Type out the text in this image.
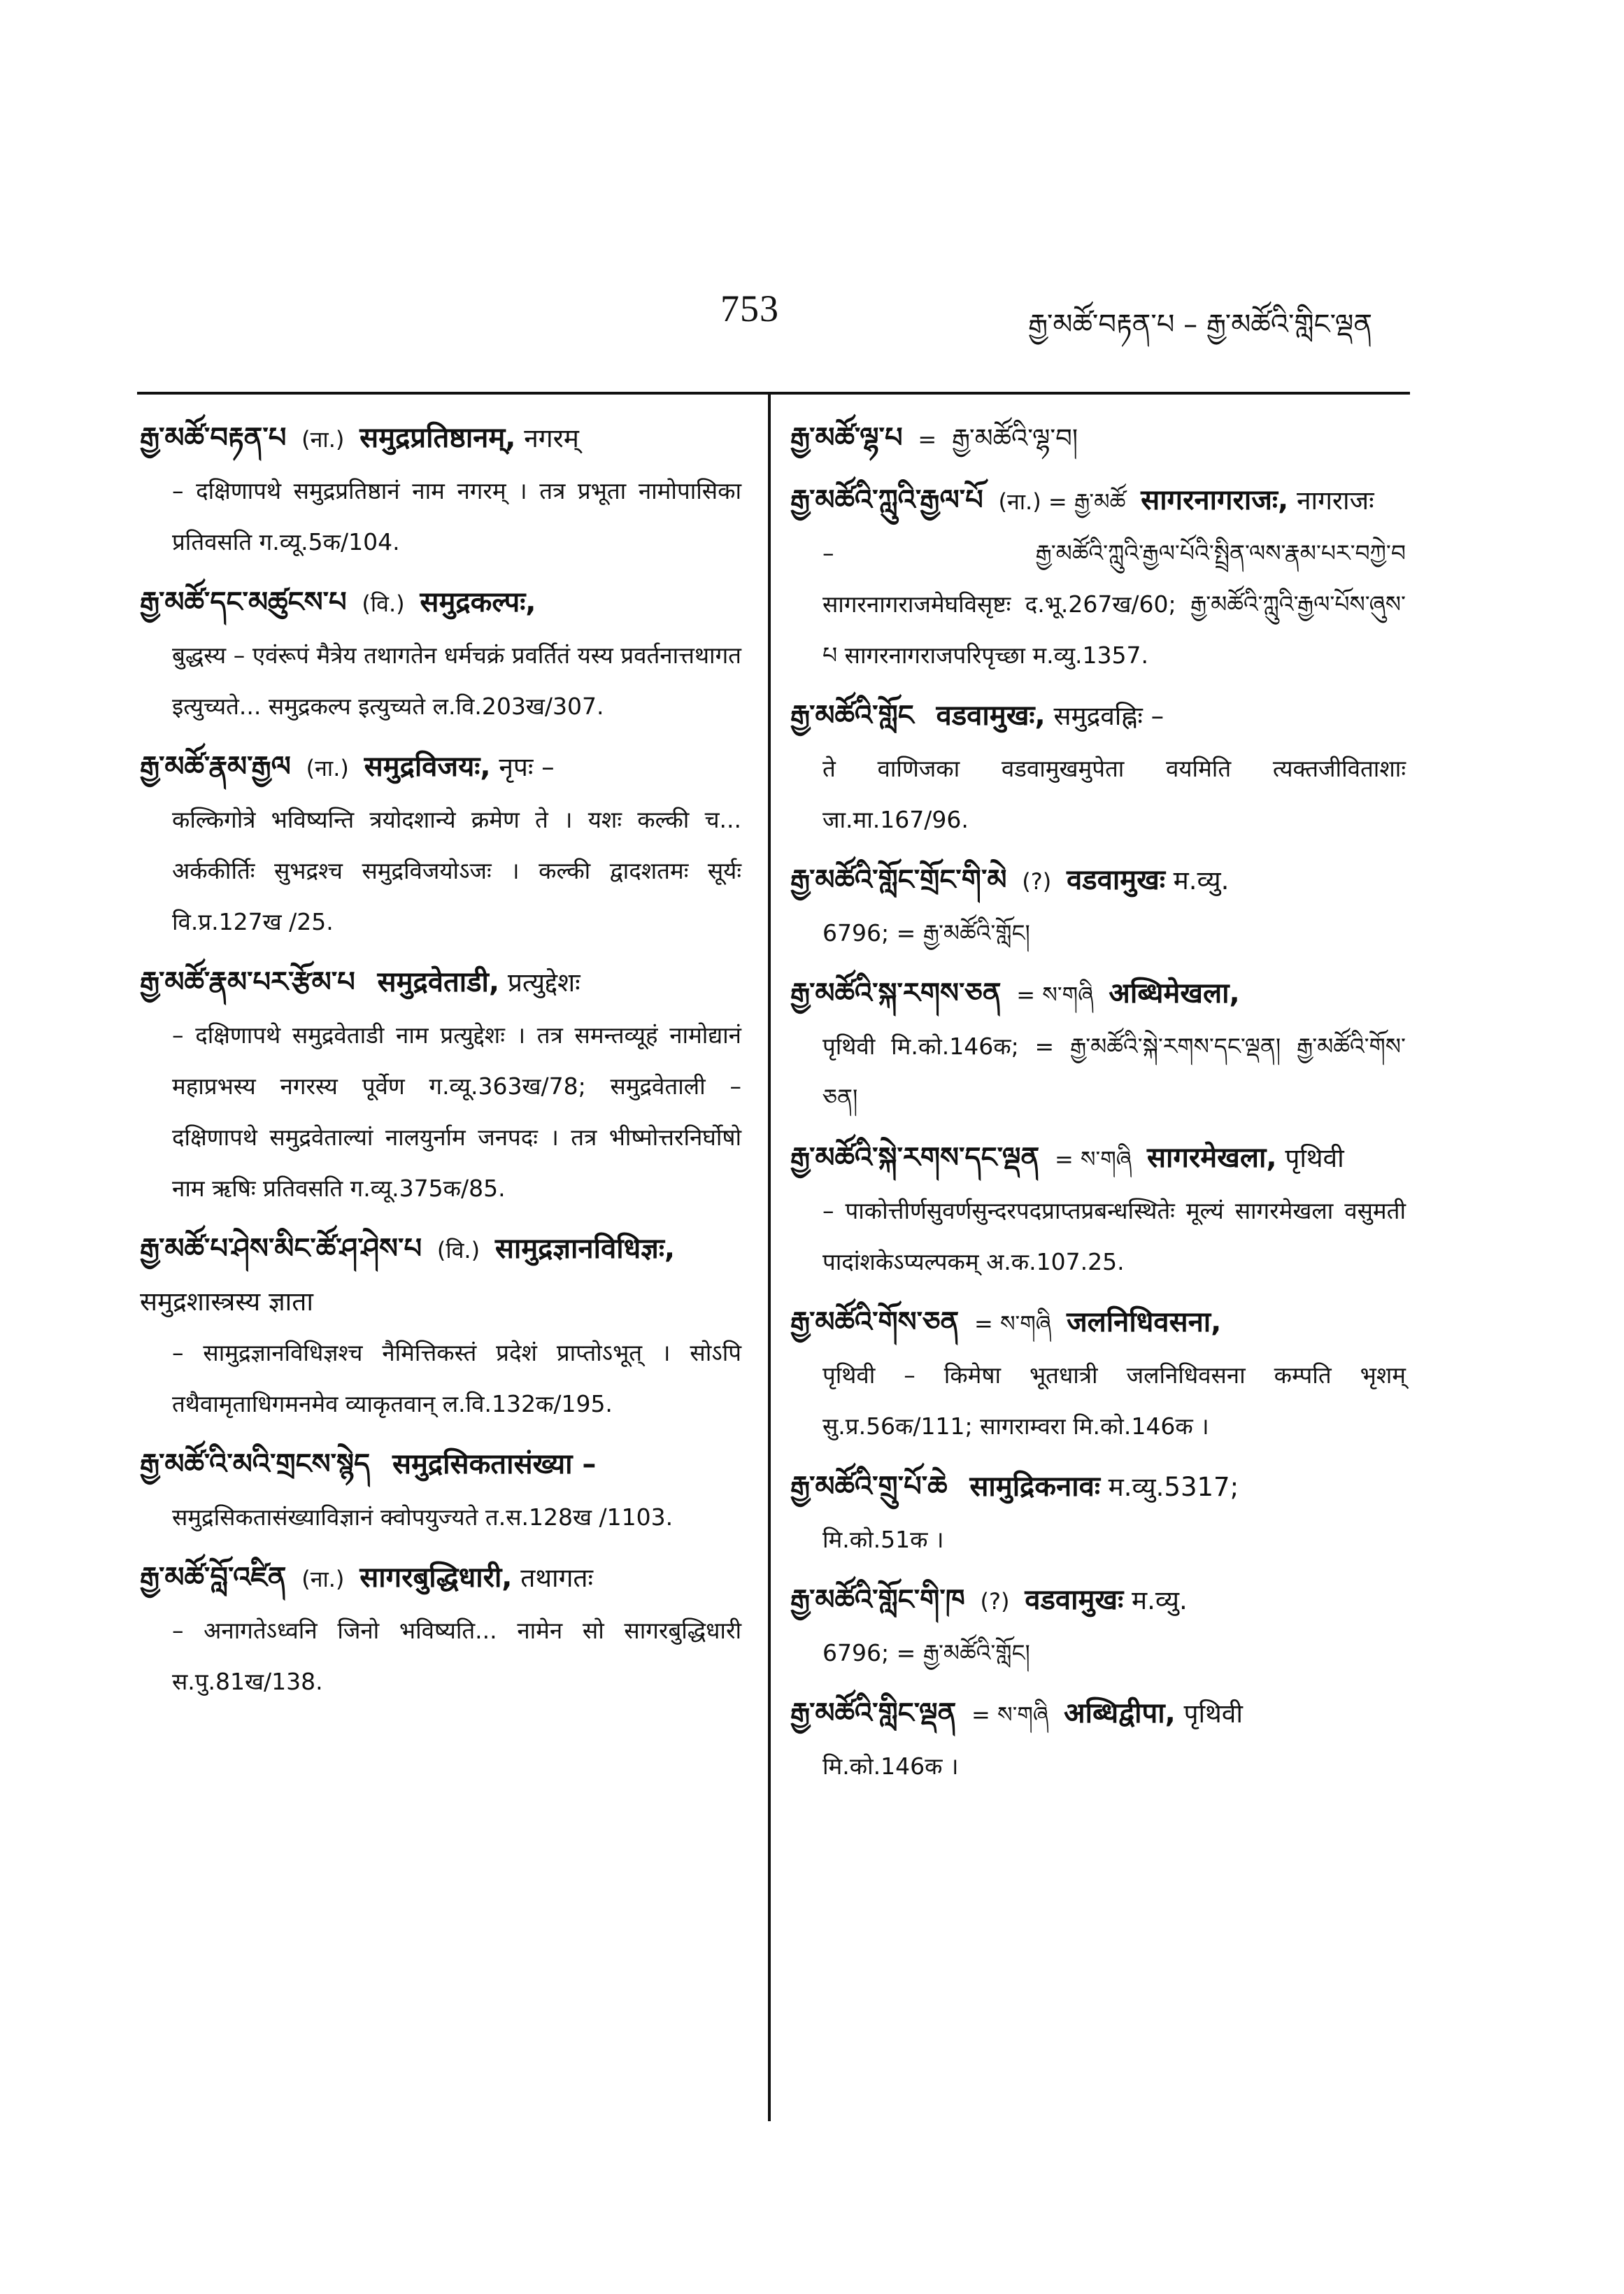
753	རྒྱ་མཚོ་བརྟན་པ – རྒྱ་མཚོའི་གླིང་ལྡན
རྒྱ་མཚོ་བརྟན་པ (ना.) समुद्रप्रतिष्ठानम्, नगरम्
– दक्षिणापथे समुद्रप्रतिष्ठानं नाम नगरम् । तत्र प्रभूता नामोपासिका प्रतिवसति ग.व्यू.5क/104.
རྒྱ་མཚོ་དང་མཚུངས་པ (वि.) समुद्रकल्पः,
बुद्धस्य – एवंरूपं मैत्रेय तथागतेन धर्मचक्रं प्रवर्तितं यस्य प्रवर्तनात्तथागत इत्युच्यते... समुद्रकल्प इत्युच्यते ल.वि.203ख/307.
རྒྱ་མཚོ་རྣམ་རྒྱལ (ना.) समुद्रविजयः, नृपः –
कल्किगोत्रे भविष्यन्ति त्रयोदशान्ये क्रमेण ते । यशः कल्की च... अर्ककीर्तिः सुभद्रश्च समुद्रविजयोऽजः । कल्की द्वादशतमः सूर्यः वि.प्र.127ख /25.
རྒྱ་མཚོ་རྣམ་པར་རྩོམ་པ समुद्रवेताडी, प्रत्युद्देशः
– दक्षिणापथे समुद्रवेताडी नाम प्रत्युद्देशः । तत्र समन्तव्यूहं नामोद्यानं महाप्रभस्य नगरस्य पूर्वेण ग.व्यू.363ख/78; समुद्रवेताली – दक्षिणापथे समुद्रवेताल्यां नालयुर्नाम जनपदः । तत्र भीष्मोत्तरनिर्घोषो नाम ऋषिः प्रतिवसति ग.व्यू.375क/85.
རྒྱ་མཚོ་པ་ཤེས་མིང་ཚོ་ཤ་ཤེས་པ (वि.) सामुद्रज्ञानविधिज्ञः, समुद्रशास्त्रस्य ज्ञाता
– सामुद्रज्ञानविधिज्ञश्च नैमित्तिकस्तं प्रदेशं प्राप्तोऽभूत् । सोऽपि तथैवामृताधिगमनमेव व्याकृतवान् ल.वि.132क/195.
རྒྱ་མཚོ་འི་མའི་གྲངས་སྙེད समुद्रसिकतासंख्या –
समुद्रसिकतासंख्याविज्ञानं क्वोपयुज्यते त.स.128ख /1103.
རྒྱ་མཚོ་བློ་འཛིན (ना.) सागरबुद्धिधारी, तथागतः
– अनागतेऽध्वनि जिनो भविष्यति... नामेन सो सागरबुद्धिधारी स.पु.81ख/138.
རྒྱ་མཚོ་ལྷ་པ = རྒྱ་མཚོའི་ལྷ་བ།
རྒྱ་མཚོའི་ཀླུའི་རྒྱལ་པོ (ना.) = རྒྱ་མཚོ सागरनागराजः, नागराजः
– རྒྱ་མཚོའི་ཀླུའི་རྒྱལ་པོའི་སྤྲིན་ལས་རྣམ་པར་བཀྱེ་བ सागरनागराजमेघविसृष्टः द.भू.267ख/60; རྒྱ་མཚོའི་ཀླུའི་རྒྱལ་པོས་ཞུས་པ सागरनागराजपरिपृच्छा म.व्यु.1357.
རྒྱ་མཚོའི་གློང वडवामुखः, समुद्रवह्निः –
ते वाणिजका वडवामुखमुपेता वयमिति त्यक्तजीविताशाः जा.मा.167/96.
རྒྱ་མཚོའི་གློང་གྲོང་གི་མེ (?) वडवामुखः म.व्यु.
6796; = རྒྱ་མཚོའི་གློང།
རྒྱ་མཚོའི་སྐ་རགས་ཅན = ས་གཞི अब्धिमेखला,
पृथिवी मि.को.146क; = རྒྱ་མཚོའི་སྐེ་རགས་དང་ལྡན། རྒྱ་མཚོའི་གོས་ཅན།
རྒྱ་མཚོའི་སྐེ་རགས་དང་ལྡན = ས་གཞི सागरमेखला, पृथिवी
– पाकोत्तीर्णसुवर्णसुन्दरपदप्राप्तप्रबन्धस्थितेः मूल्यं सागरमेखला वसुमती पादांशकेऽप्यल्पकम् अ.क.107.25.
རྒྱ་མཚོའི་གོས་ཅན = ས་གཞི जलनिधिवसना,
पृथिवी – किमेषा भूतधात्री जलनिधिवसना कम्पति भृशम् सु.प्र.56क/111; सागराम्वरा मि.को.146क ।
རྒྱ་མཚོའི་གྲུ་པོ་ཆེ सामुद्रिकनावः म.व्यु.5317;
मि.को.51क ।
རྒྱ་མཚོའི་གློང་གི་ཁ (?) वडवामुखः म.व्यु.
6796; = རྒྱ་མཚོའི་གློང།
རྒྱ་མཚོའི་གླིང་ལྡན = ས་གཞི अब्धिद्वीपा, पृथिवी
मि.को.146क ।
